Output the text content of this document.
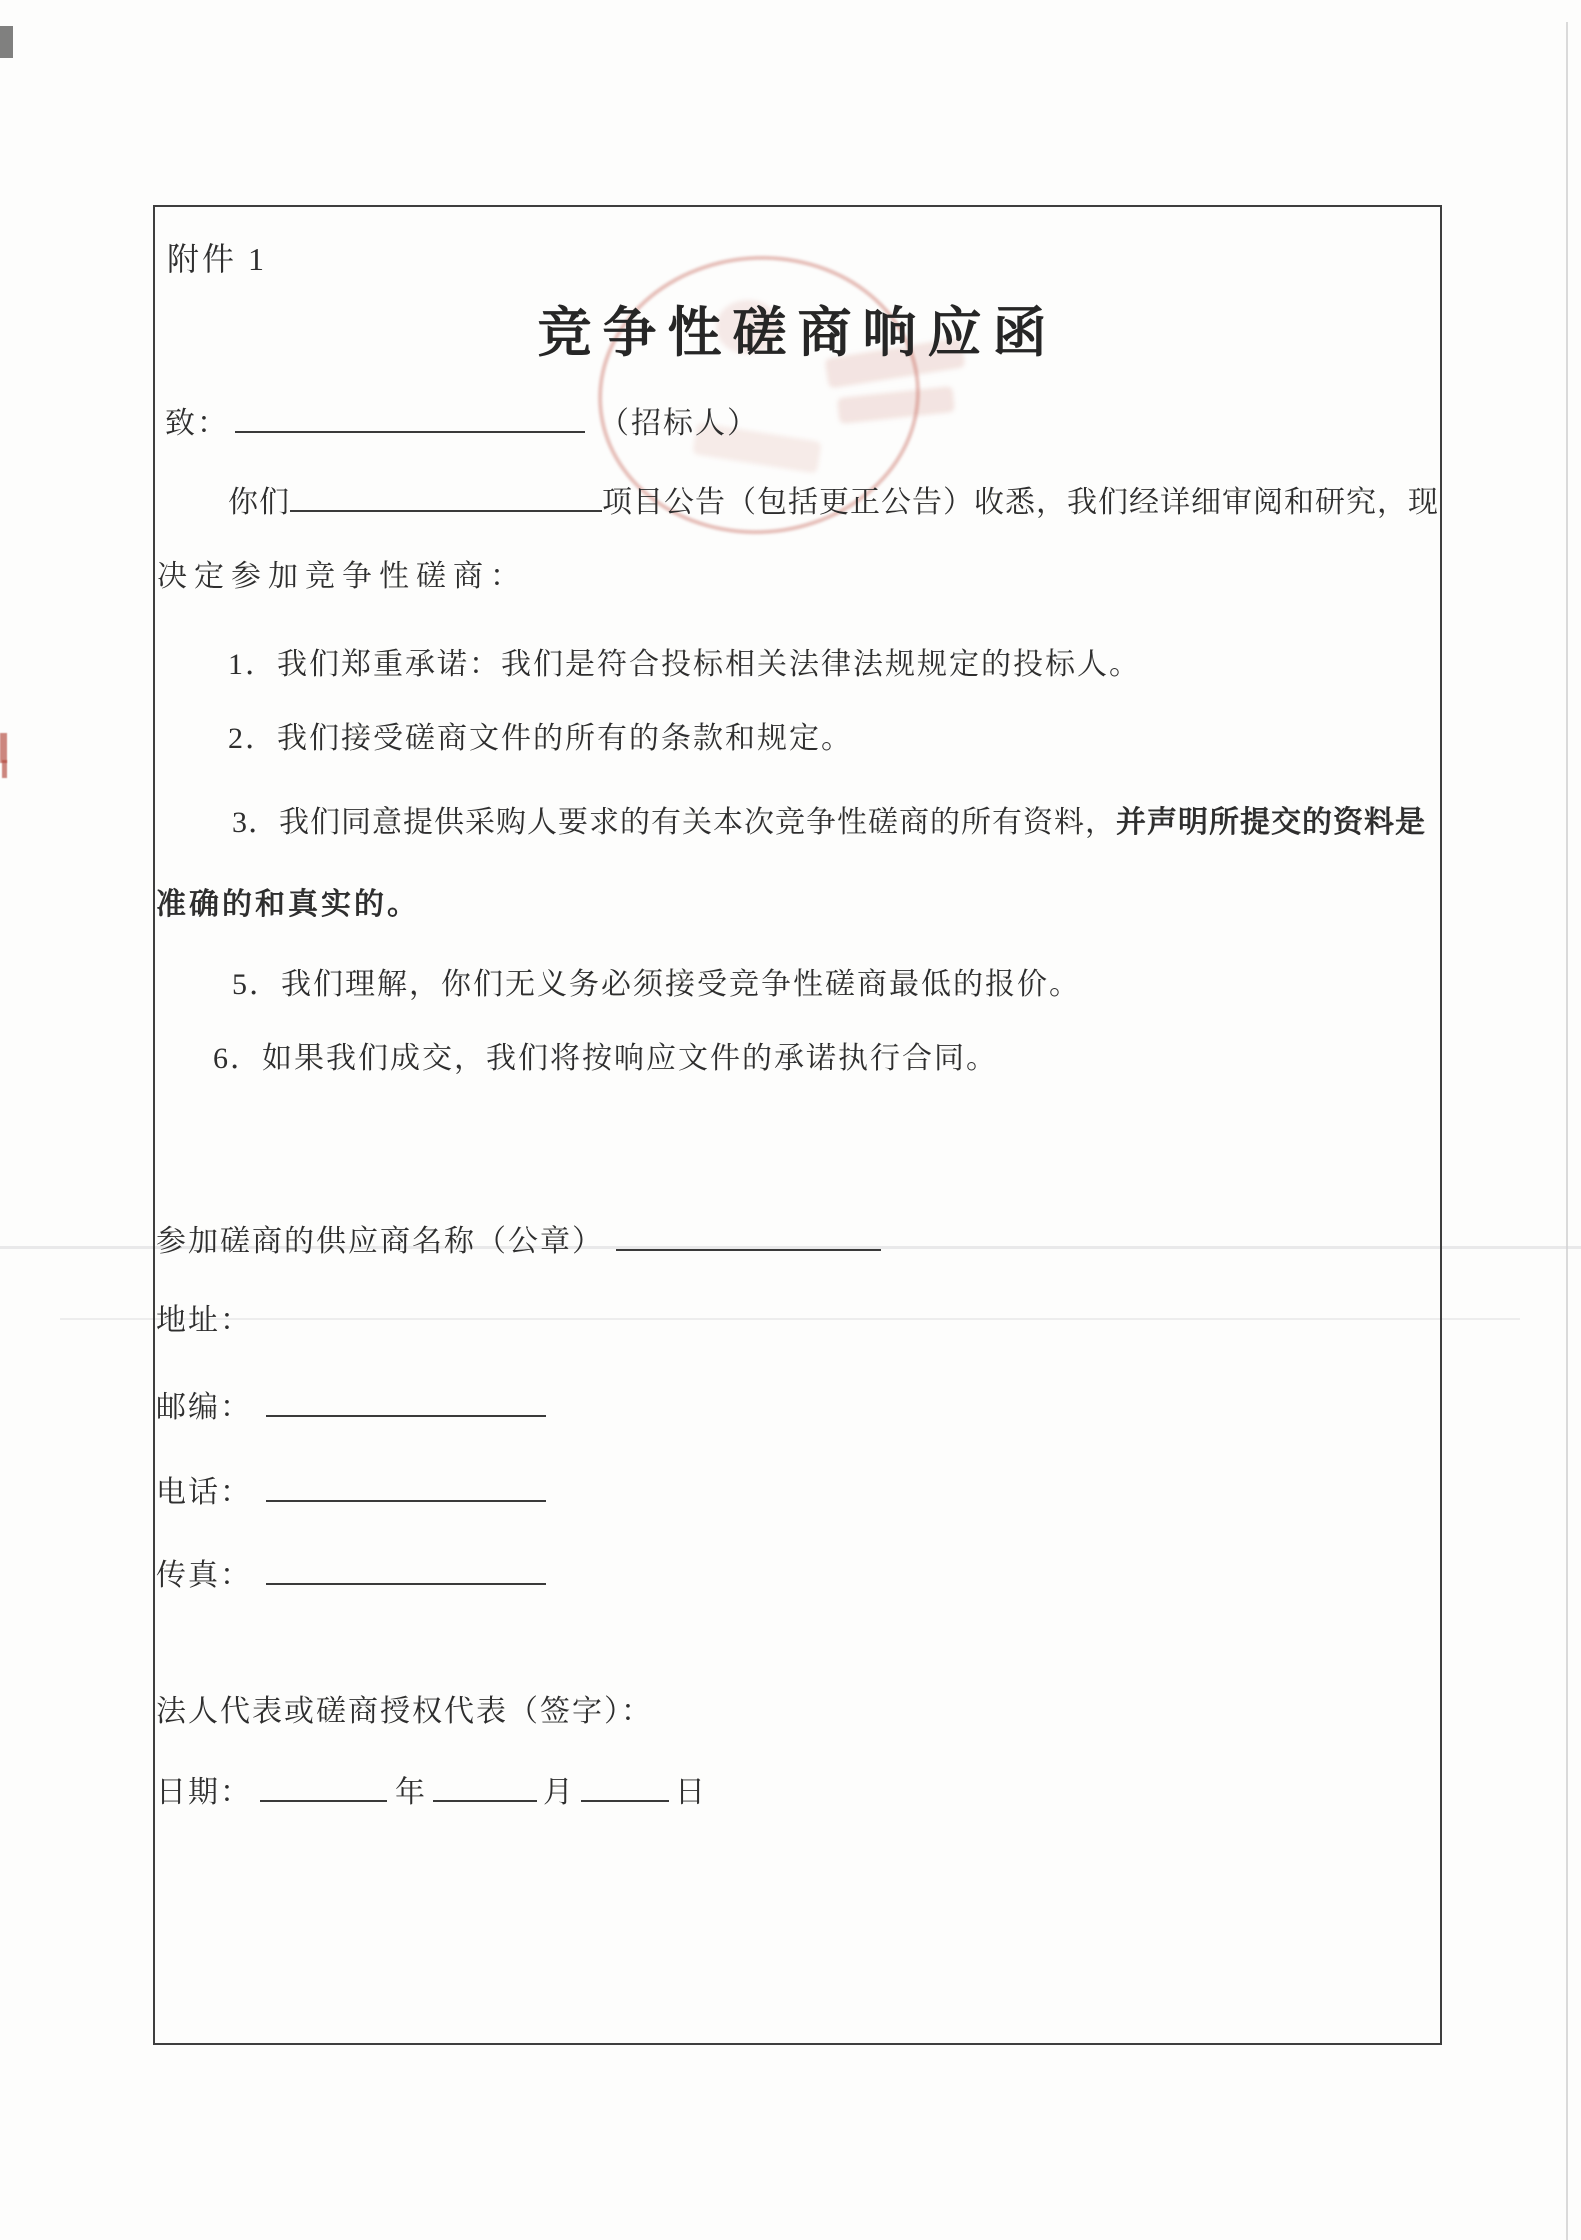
附件 1
竞争性磋商响应函
致：	（招标人）
你们	项目公告（包括更正公告）收悉，我们经详细审阅和研究，现
决定参加竞争性磋商：
1． 我们郑重承诺：我们是符合投标相关法律法规规定的投标人。
2． 我们接受磋商文件的所有的条款和规定。
3． 我们同意提供采购人要求的有关本次竞争性磋商的所有资料， 并声明所提交的资料是
准确的和真实的。
5． 我们理解，你们无义务必须接受竞争性磋商最低的报价。
6． 如果我们成交，我们将按响应文件的承诺执行合同。
参加磋商的供应商名称（公章）
地址：
邮编：
电话：
传真：
法人代表或磋商授权代表（签字）：
日期：	年	月	日
